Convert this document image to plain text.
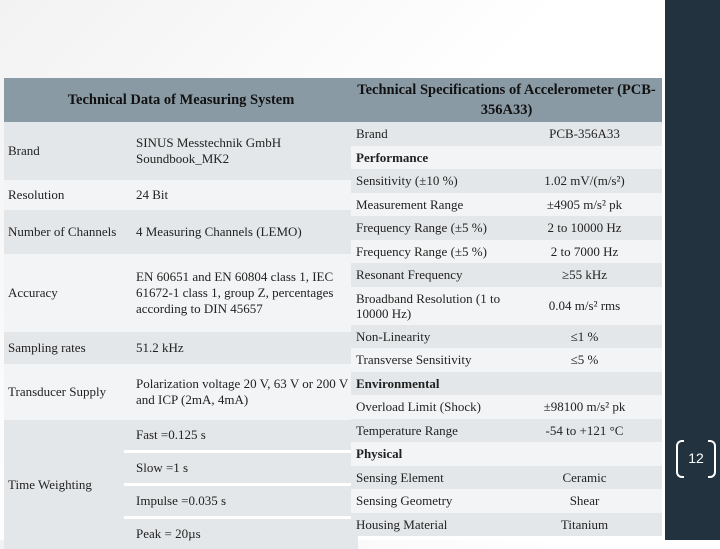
12
Technical Data of Measuring System	
Brand	SINUS Messtechnik GmbH Soundbook_MK2
Resolution	24 Bit
Number of Channels	4 Measuring Channels (LEMO)
Accuracy	EN 60651 and EN 60804 class 1, IEC 61672-1 class 1, group Z, percentages according to DIN 45657
Sampling rates	51.2 kHz
Transducer Supply	Polarization voltage 20 V, 63 V or 200 V and ICP (2mA, 4mA)
Time Weighting	Fast =0.125 s
Slow =1 s
Impulse =0.035 s
Peak = 20µs
Technical Specifications of Accelerometer (PCB-356A33)	
Brand	PCB-356A33
Performance	
Sensitivity (±10 %)	1.02 mV/(m/s²)
Measurement Range	±4905 m/s² pk
Frequency Range (±5 %)	2 to 10000 Hz
Frequency Range (±5 %)	2 to 7000 Hz
Resonant Frequency	≥55 kHz
Broadband Resolution (1 to 10000 Hz)	0.04 m/s² rms
Non-Linearity	≤1 %
Transverse Sensitivity	≤5 %
Environmental	
Overload Limit (Shock)	±98100 m/s² pk
Temperature Range	-54 to +121 °C
Physical	
Sensing Element	Ceramic
Sensing Geometry	Shear
Housing Material	Titanium
